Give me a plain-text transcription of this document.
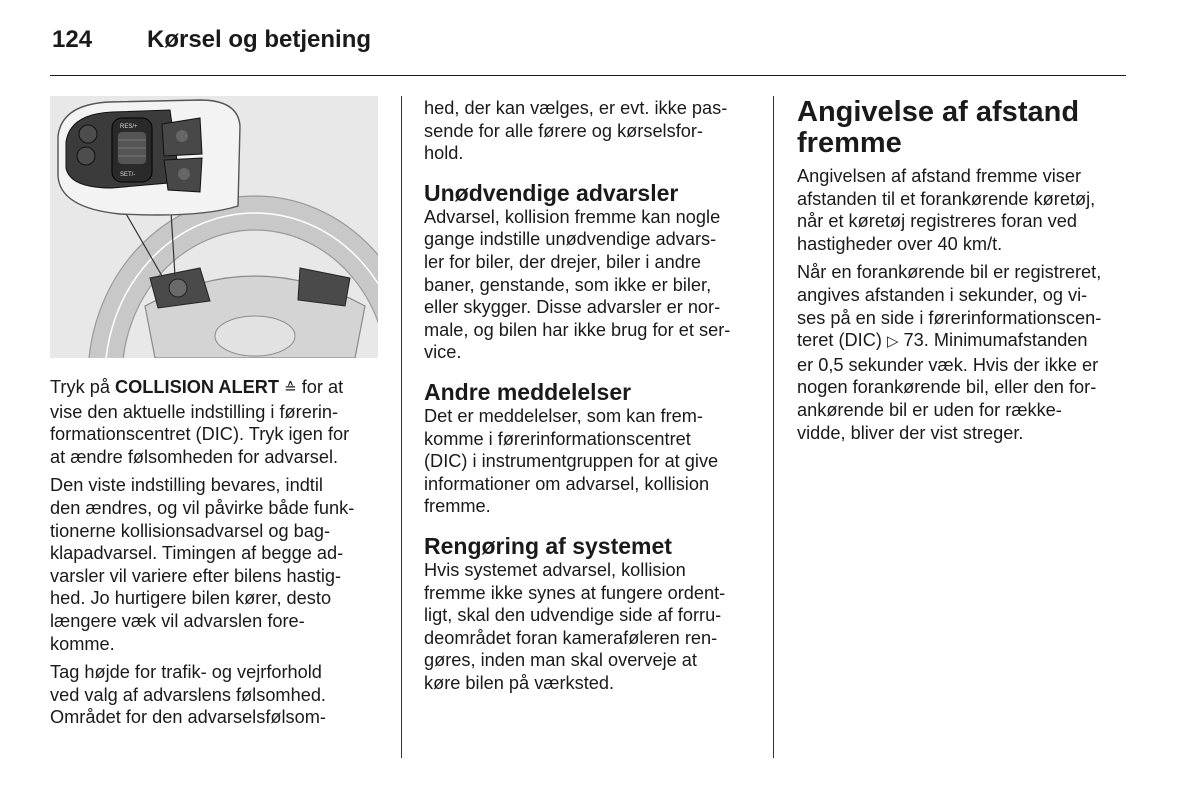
124 Kørsel og betjening
RES/+
SET/-

Tryk på COLLISION ALERT ≙ for at
vise den aktuelle indstilling i førerin-
formationscentret (DIC). Tryk igen for
at ændre følsomheden for advarsel.

Den viste indstilling bevares, indtil
den ændres, og vil påvirke både funk-
tionerne kollisionsadvarsel og bag-
klapadvarsel. Timingen af begge ad-
varsler vil variere efter bilens hastig-
hed. Jo hurtigere bilen kører, desto
længere væk vil advarslen fore-
komme.

Tag højde for trafik- og vejrforhold
ved valg af advarslens følsomhed.
Området for den advarselsfølsom-

hed, der kan vælges, er evt. ikke pas-
sende for alle førere og kørselsfor-
hold.

Unødvendige advarsler

Advarsel, kollision fremme kan nogle
gange indstille unødvendige advars-
ler for biler, der drejer, biler i andre
baner, genstande, som ikke er biler,
eller skygger. Disse advarsler er nor-
male, og bilen har ikke brug for et ser-
vice.

Andre meddelelser

Det er meddelelser, som kan frem-
komme i førerinformationscentret
(DIC) i instrumentgruppen for at give
informationer om advarsel, kollision
fremme.

Rengøring af systemet

Hvis systemet advarsel, kollision
fremme ikke synes at fungere ordent-
ligt, skal den udvendige side af forru-
deområdet foran kameraføleren ren-
gøres, inden man skal overveje at
køre bilen på værksted.

Angivelse af afstand
fremme

Angivelsen af afstand fremme viser
afstanden til et forankørende køretøj,
når et køretøj registreres foran ved
hastigheder over 40 km/t.

Når en forankørende bil er registreret,
angives afstanden i sekunder, og vi-
ses på en side i førerinformationscen-
teret (DIC) ▷ 73. Minimumafstanden
er 0,5 sekunder væk. Hvis der ikke er
nogen forankørende bil, eller den for-
ankørende bil er uden for række-
vidde, bliver der vist streger.
